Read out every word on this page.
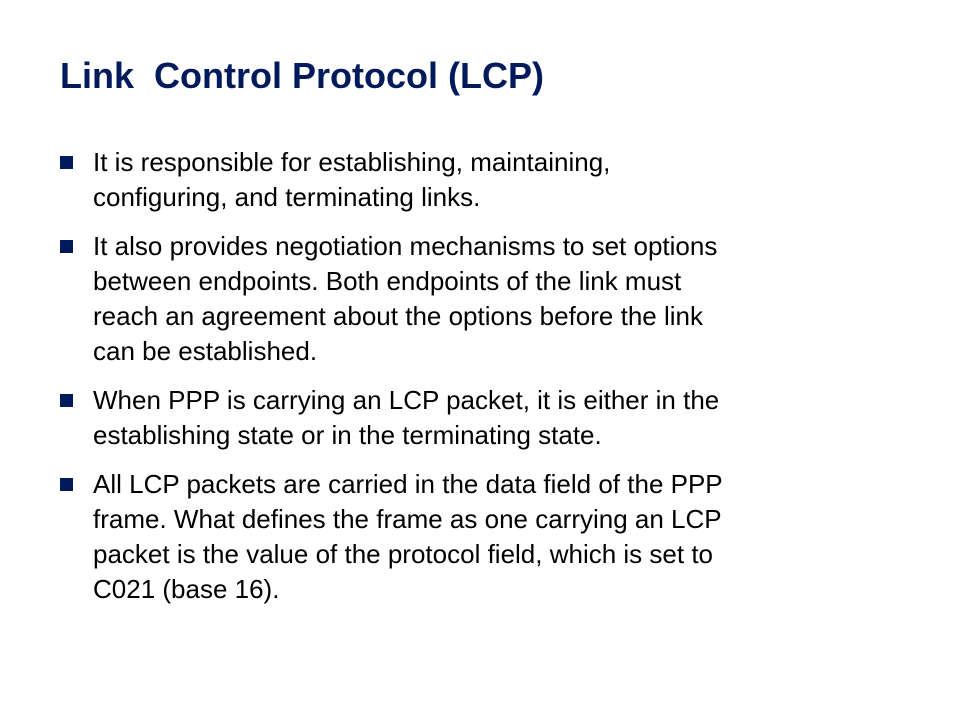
Link  Control Protocol (LCP)
It is responsible for establishing, maintaining,
configuring, and terminating links.
It also provides negotiation mechanisms to set options
between endpoints. Both endpoints of the link must
reach an agreement about the options before the link
can be established.
When PPP is carrying an LCP packet, it is either in the
establishing state or in the terminating state.
All LCP packets are carried in the data field of the PPP
frame. What defines the frame as one carrying an LCP
packet is the value of the protocol field, which is set to
C021 (base 16).
